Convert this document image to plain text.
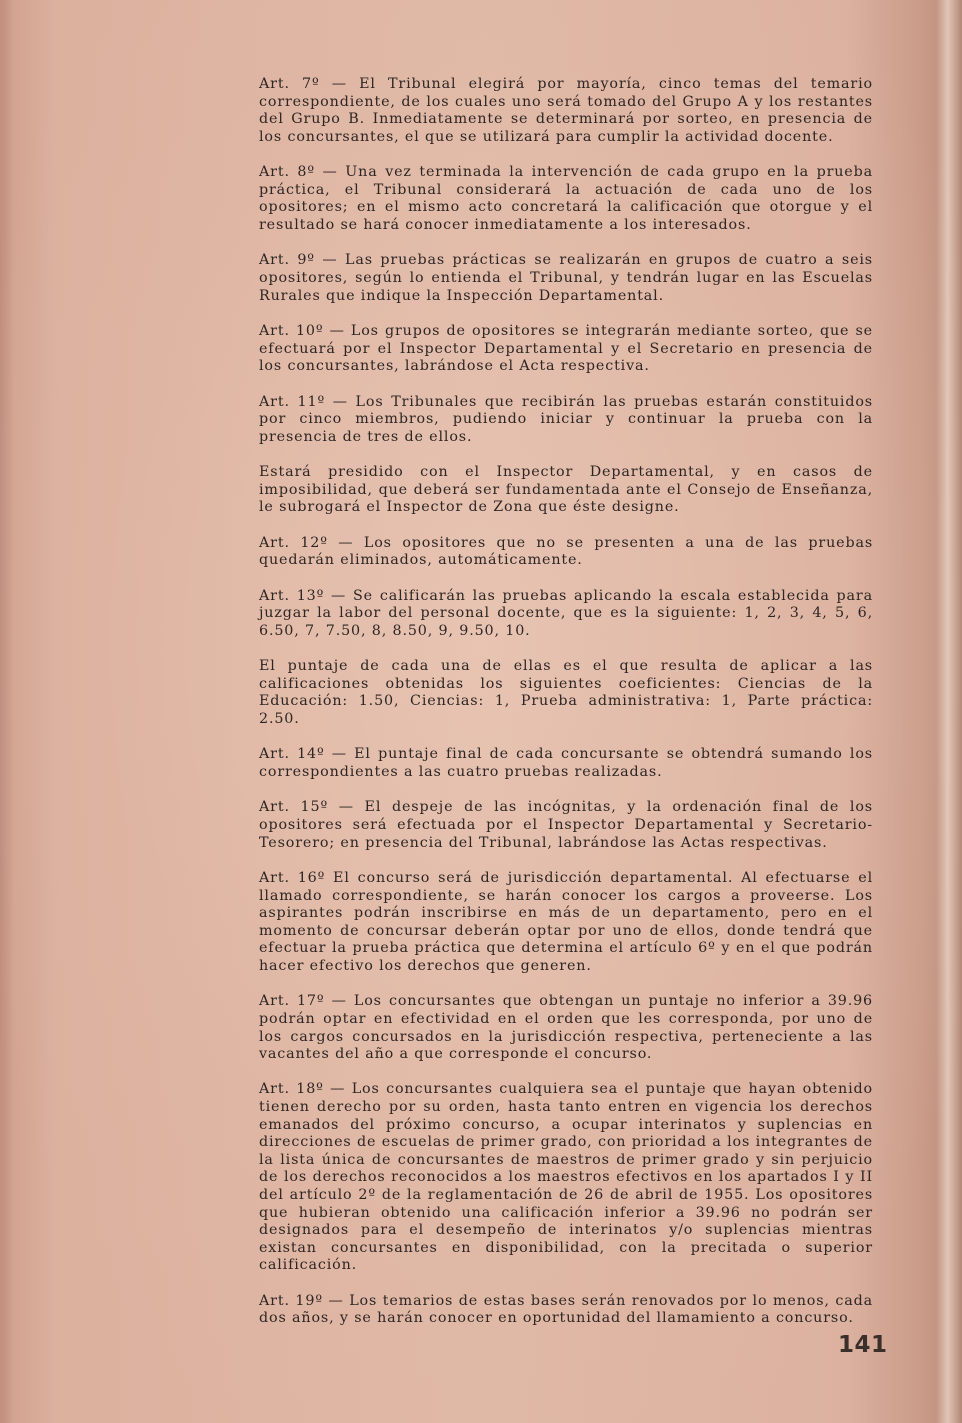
Art. 7º — El Tribunal elegirá por mayoría, cinco temas del temario correspondiente, de los cuales uno será tomado del Grupo A y los restantes del Grupo B. Inmediatamente se determinará por sorteo, en presencia de los concursantes, el que se utilizará para cumplir la actividad docente.

Art. 8º — Una vez terminada la intervención de cada grupo en la prueba práctica, el Tribunal considerará la actuación de cada uno de los opositores; en el mismo acto concretará la calificación que otorgue y el resultado se hará conocer inmediatamente a los interesados.

Art. 9º — Las pruebas prácticas se realizarán en grupos de cuatro a seis opositores, según lo entienda el Tribunal, y tendrán lugar en las Escuelas Rurales que indique la Inspección Departamental.

Art. 10º — Los grupos de opositores se integrarán mediante sorteo, que se efectuará por el Inspector Departamental y el Secretario en presencia de los concursantes, labrándose el Acta respectiva.

Art. 11º — Los Tribunales que recibirán las pruebas estarán constituidos por cinco miembros, pudiendo iniciar y continuar la prueba con la presencia de tres de ellos.

Estará presidido con el Inspector Departamental, y en casos de imposibilidad, que deberá ser fundamentada ante el Consejo de Enseñanza, le subrogará el Inspector de Zona que éste designe.

Art. 12º — Los opositores que no se presenten a una de las pruebas quedarán eliminados, automáticamente.

Art. 13º — Se calificarán las pruebas aplicando la escala establecida para juzgar la labor del personal docente, que es la siguiente: 1, 2, 3, 4, 5, 6, 6.50, 7, 7.50, 8, 8.50, 9, 9.50, 10.

El puntaje de cada una de ellas es el que resulta de aplicar a las calificaciones obtenidas los siguientes coeficientes: Ciencias de la Educación: 1.50, Ciencias: 1, Prueba administrativa: 1, Parte práctica: 2.50.

Art. 14º — El puntaje final de cada concursante se obtendrá sumando los correspondientes a las cuatro pruebas realizadas.

Art. 15º — El despeje de las incógnitas, y la ordenación final de los opositores será efectuada por el Inspector Departamental y Secretario-Tesorero; en presencia del Tribunal, labrándose las Actas respectivas.

Art. 16º El concurso será de jurisdicción departamental. Al efectuarse el llamado correspondiente, se harán conocer los cargos a proveerse. Los aspirantes podrán inscribirse en más de un departamento, pero en el momento de concursar deberán optar por uno de ellos, donde tendrá que efectuar la prueba práctica que determina el artículo 6º y en el que podrán hacer efectivo los derechos que generen.

Art. 17º — Los concursantes que obtengan un puntaje no inferior a 39.96 podrán optar en efectividad en el orden que les corresponda, por uno de los cargos concursados en la jurisdicción respectiva, perteneciente a las vacantes del año a que corresponde el concurso.

Art. 18º — Los concursantes cualquiera sea el puntaje que hayan obtenido tienen derecho por su orden, hasta tanto entren en vigencia los derechos emanados del próximo concurso, a ocupar interinatos y suplencias en direcciones de escuelas de primer grado, con prioridad a los integrantes de la lista única de concursantes de maestros de primer grado y sin perjuicio de los derechos reconocidos a los maestros efectivos en los apartados I y II del artículo 2º de la reglamentación de 26 de abril de 1955. Los opositores que hubieran obtenido una calificación inferior a 39.96 no podrán ser designados para el desempeño de interinatos y/o suplencias mientras existan concursantes en disponibilidad, con la precitada o superior calificación.

Art. 19º — Los temarios de estas bases serán renovados por lo menos, cada dos años, y se harán conocer en oportunidad del llamamiento a concurso.

141
